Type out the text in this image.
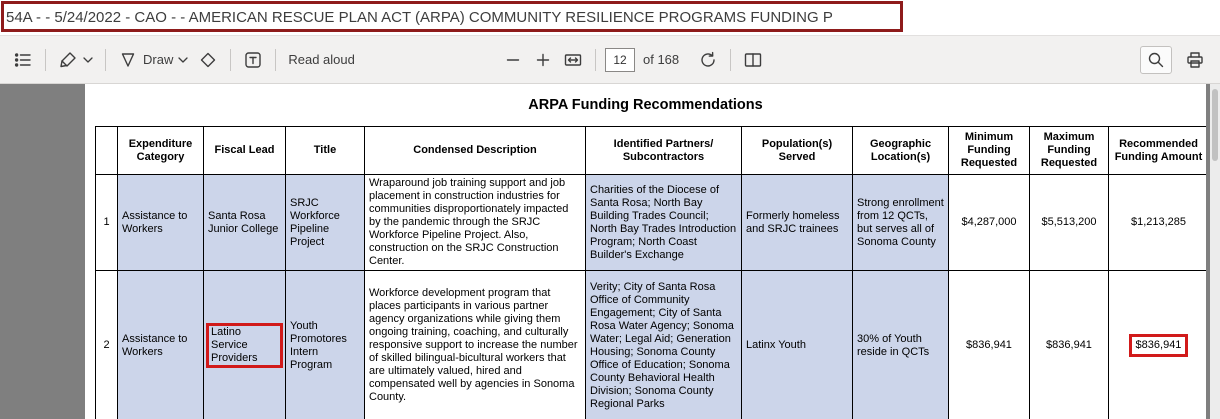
54A - - 5/24/2022 - CAO - - AMERICAN RESCUE PLAN ACT (ARPA) COMMUNITY RESILIENCE PROGRAMS FUNDING P
Draw	Read aloud
12	of 168
ARPA Funding Recommendations
	Expenditure Category	Fiscal Lead	Title	Condensed Description	Identified Partners/ Subcontractors	Population(s) Served	Geographic Location(s)	Minimum Funding Requested	Maximum Funding Requested	Recommended Funding Amount
1	Assistance to Workers	Santa Rosa Junior College	SRJC Workforce Pipeline Project	Wraparound job training support and job placement in construction industries for communities disproportionately impacted by the pandemic through the SRJC Workforce Pipeline Project. Also, construction on the SRJC Construction Center.	Charities of the Diocese of Santa Rosa; North Bay Building Trades Council; North Bay Trades Introduction Program; North Coast Builder's Exchange	Formerly homeless and SRJC trainees	Strong enrollment from 12 QCTs, but serves all of Sonoma County	$4,287,000	$5,513,200	$1,213,285
2	Assistance to Workers	Latino Service Providers	Youth Promotores Intern Program	Workforce development program that places participants in various partner agency organizations while giving them ongoing training, coaching, and culturally responsive support to increase the number of skilled bilingual-bicultural workers that are ultimately valued, hired and compensated well by agencies in Sonoma County.	Verity; City of Santa Rosa Office of Community Engagement; City of Santa Rosa Water Agency; Sonoma Water; Legal Aid; Generation Housing; Sonoma County Office of Education; Sonoma County Behavioral Health Division; Sonoma County Regional Parks	Latinx Youth	30% of Youth reside in QCTs	$836,941	$836,941	$836,941
